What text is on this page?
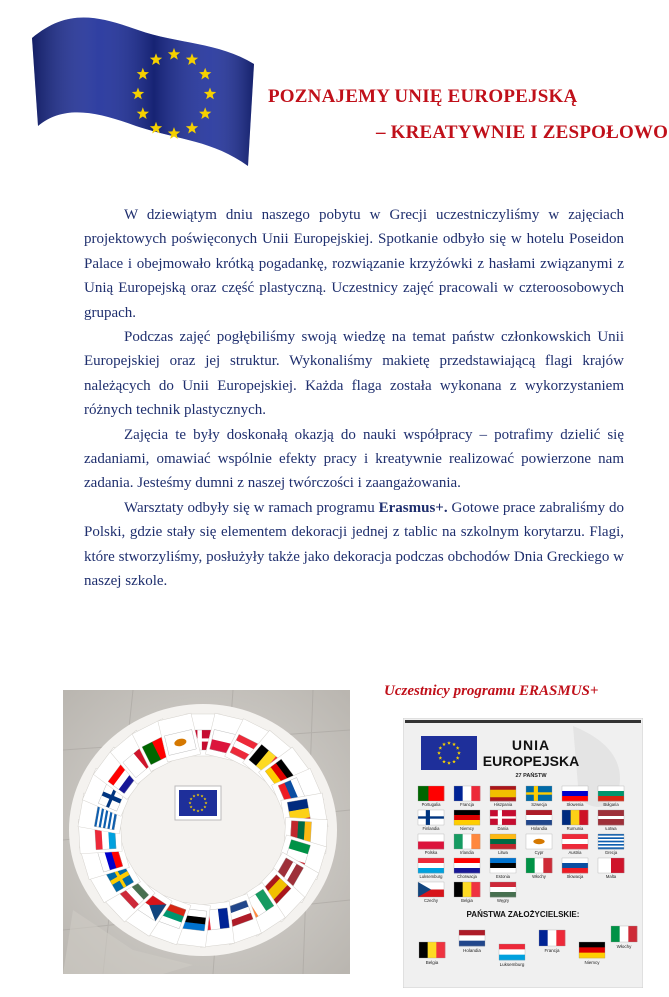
POZNAJEMY UNIĘ EUROPEJSKĄ
– KREATYWNIE I ZESPOŁOWO

W dziewiątym dniu naszego pobytu w Grecji uczestniczyliśmy w zajęciach projektowych poświęconych Unii Europejskiej. Spotkanie odbyło się w hotelu Poseidon Palace i obejmowało krótką pogadankę, rozwiązanie krzyżówki z hasłami związanymi z Unią Europejską oraz część plastyczną. Uczestnicy zajęć pracowali w czteroosobowych grupach.

Podczas zajęć pogłębiliśmy swoją wiedzę na temat państw członkowskich Unii Europejskiej oraz jej struktur. Wykonaliśmy makietę przedstawiającą flagi krajów należących do Unii Europejskiej. Każda flaga została wykonana z wykorzystaniem różnych technik plastycznych.

Zajęcia te były doskonałą okazją do nauki współpracy – potrafimy dzielić się zadaniami, omawiać wspólnie efekty pracy i kreatywnie realizować powierzone nam zadania. Jesteśmy dumni z naszej twórczości i zaangażowania.

Warsztaty odbyły się w ramach programu Erasmus+. Gotowe prace zabraliśmy do Polski, gdzie stały się elementem dekoracji jednej z tablic na szkolnym korytarzu. Flagi, które stworzyliśmy, posłużyły także jako dekoracja podczas obchodów Dnia Greckiego w naszej szkole.

Uczestnicy programu ERASMUS+
UNIA
EUROPEJSKA
27 PAŃSTW
Portugalia	Francja	Hiszpania	Szwecja	Słowenia	Bułgaria
Finlandia	Niemcy	Dania	Holandia	Rumunia	Łotwa
Polska	Irlandia	Litwa	Cypr	Austria	Grecja
Luksemburg	Chorwacja	Estonia	Włochy	Słowacja	Malta
Czechy	Belgia	Węgry
PAŃSTWA ZAŁOŻYCIELSKIE:
Belgia
Holandia
Luksemburg
Francja
Niemcy
Włochy
